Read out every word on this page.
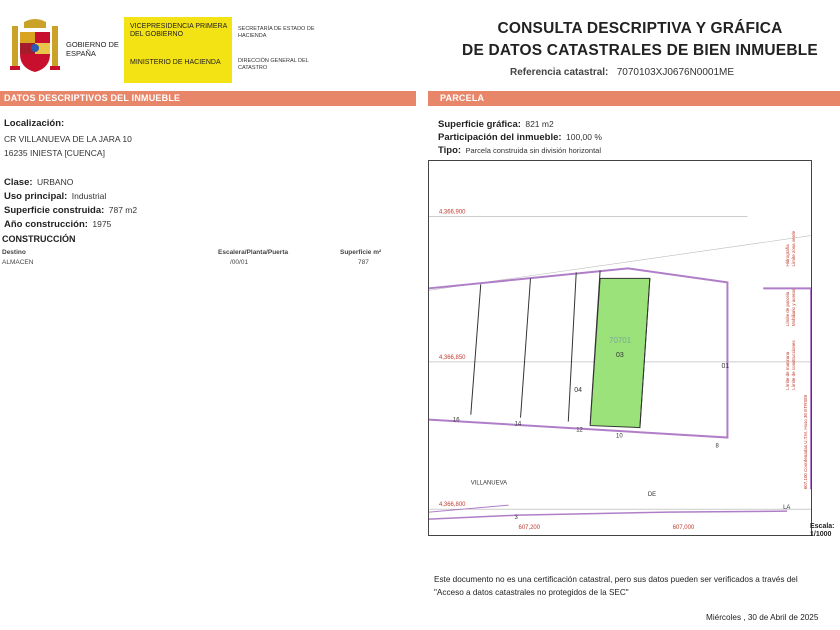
GOBIERNO DE ESPAÑA
VICEPRESIDENCIA PRIMERA DEL GOBIERNO
MINISTERIO DE HACIENDA
SECRETARÍA DE ESTADO DE HACIENDA
DIRECCIÓN GENERAL DEL CATASTRO
CONSULTA DESCRIPTIVA Y GRÁFICA
DE DATOS CATASTRALES DE BIEN INMUEBLE
Referencia catastral: 7070103XJ0676N0001ME
DATOS DESCRIPTIVOS DEL INMUEBLE	PARCELA
Localización:
CR VILLANUEVA DE LA JARA 10
16235 INIESTA [CUENCA]
Clase: URBANO
Uso principal: Industrial
Superficie construida: 787 m2
Año construcción: 1975
CONSTRUCCIÓN
Destino	Escalera/Planta/Puerta	Superficie m²
ALMACEN	/00/01	787
Superficie gráfica: 821 m2
Participación del inmueble: 100,00 %
Tipo: Parcela construida sin división horizontal
4,366,900
4,366,850
4,366,800
607,200	607,000
70701
03
04
01
16
14
12
10
8
3
VILLANUEVA
DE
LA
Límite de manzana
Límite de parcela
Límite de construcciones
Mobiliario y aceras
Hidrografía Límite zona verde
607,100 Coordenadas U.T.M. Huso 30 ETRS89
Escala:
1/1000
Este documento no es una certificación catastral, pero sus datos pueden ser verificados a través del "Acceso a datos catastrales no protegidos de la SEC"
Miércoles , 30 de Abril de 2025
